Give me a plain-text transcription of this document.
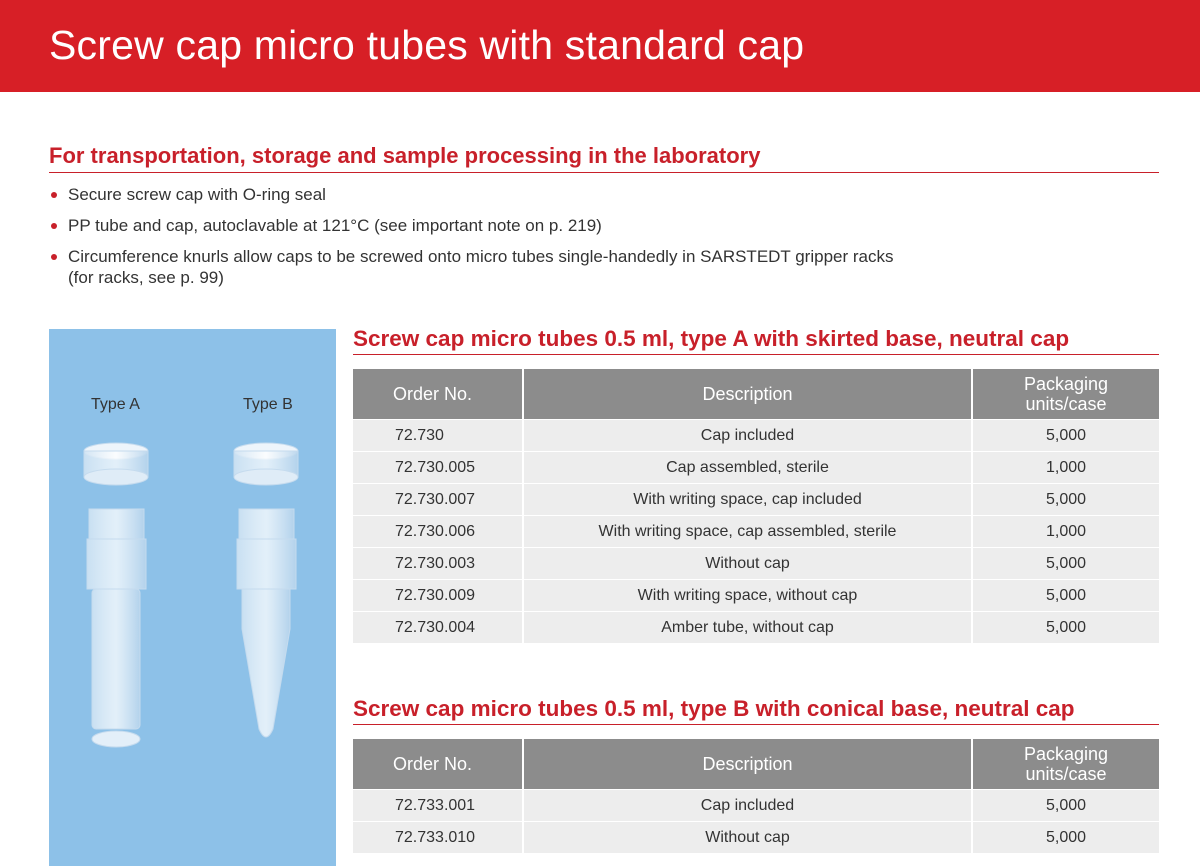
Screw cap micro tubes with standard cap
For transportation, storage and sample processing in the laboratory
Secure screw cap with O-ring seal
PP tube and cap, autoclavable at 121°C (see important note on p. 219)
Circumference knurls allow caps to be screwed onto micro tubes single-handedly in SARSTEDT gripper racks
(for racks, see p. 99)
Type A	Type B
Screw cap micro tubes 0.5 ml, type A with skirted base, neutral cap
Order No.	Description	Packaging
units/case
72.730	Cap included	5,000
72.730.005	Cap assembled, sterile	1,000
72.730.007	With writing space, cap included	5,000
72.730.006	With writing space, cap assembled, sterile	1,000
72.730.003	Without cap	5,000
72.730.009	With writing space, without cap	5,000
72.730.004	Amber tube, without cap	5,000
Screw cap micro tubes 0.5 ml, type B with conical base, neutral cap
Order No.	Description	Packaging
units/case
72.733.001	Cap included	5,000
72.733.010	Without cap	5,000
